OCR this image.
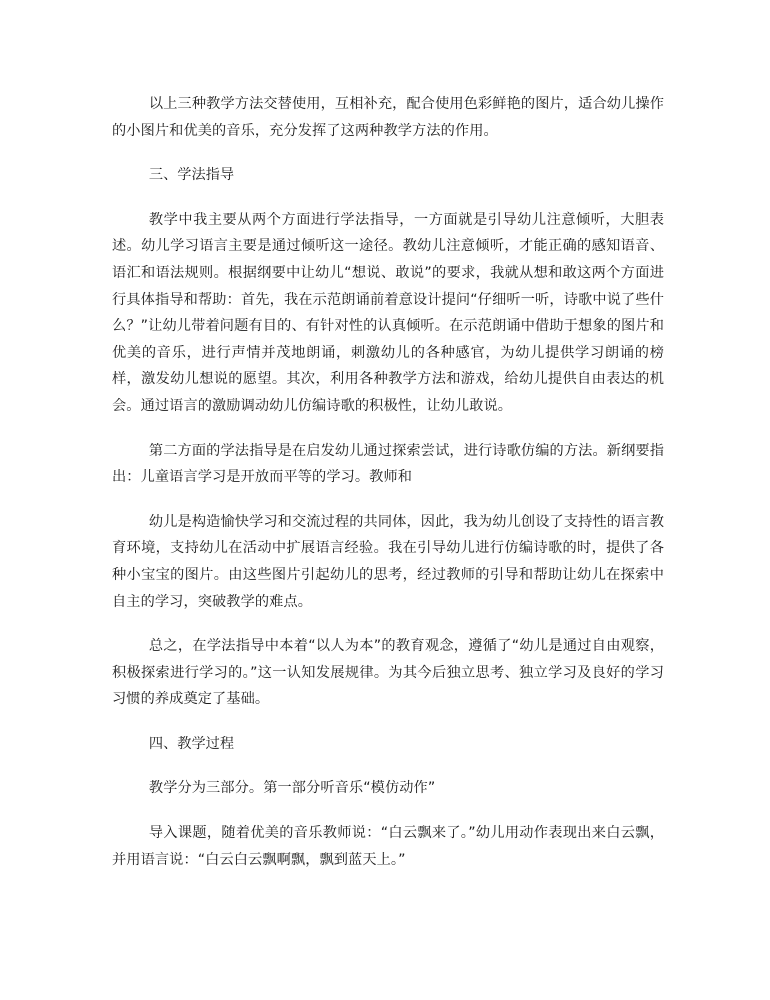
以上三种教学方法交替使用，互相补充，配合使用色彩鲜艳的图片，适合幼儿操作的小图片和优美的音乐，充分发挥了这两种教学方法的作用。

三、学法指导

教学中我主要从两个方面进行学法指导，一方面就是引导幼儿注意倾听，大胆表述。幼儿学习语言主要是通过倾听这一途径。教幼儿注意倾听，才能正确的感知语音、语汇和语法规则。根据纲要中让幼儿“想说、敢说”的要求，我就从想和敢这两个方面进行具体指导和帮助：首先，我在示范朗诵前着意设计提问“仔细听一听，诗歌中说了些什么？”让幼儿带着问题有目的、有针对性的认真倾听。在示范朗诵中借助于想象的图片和优美的音乐，进行声情并茂地朗诵，刺激幼儿的各种感官，为幼儿提供学习朗诵的榜样，激发幼儿想说的愿望。其次，利用各种教学方法和游戏，给幼儿提供自由表达的机会。通过语言的激励调动幼儿仿编诗歌的积极性，让幼儿敢说。

第二方面的学法指导是在启发幼儿通过探索尝试，进行诗歌仿编的方法。新纲要指出：儿童语言学习是开放而平等的学习。教师和

幼儿是构造愉快学习和交流过程的共同体，因此，我为幼儿创设了支持性的语言教育环境，支持幼儿在活动中扩展语言经验。我在引导幼儿进行仿编诗歌的时，提供了各种小宝宝的图片。由这些图片引起幼儿的思考，经过教师的引导和帮助让幼儿在探索中自主的学习，突破教学的难点。

总之，在学法指导中本着“以人为本”的教育观念，遵循了“幼儿是通过自由观察，积极探索进行学习的。”这一认知发展规律。为其今后独立思考、独立学习及良好的学习习惯的养成奠定了基础。

四、教学过程

教学分为三部分。第一部分听音乐“模仿动作”

导入课题，随着优美的音乐教师说：“白云飘来了。”幼儿用动作表现出来白云飘，并用语言说：“白云白云飘啊飘，飘到蓝天上。”
